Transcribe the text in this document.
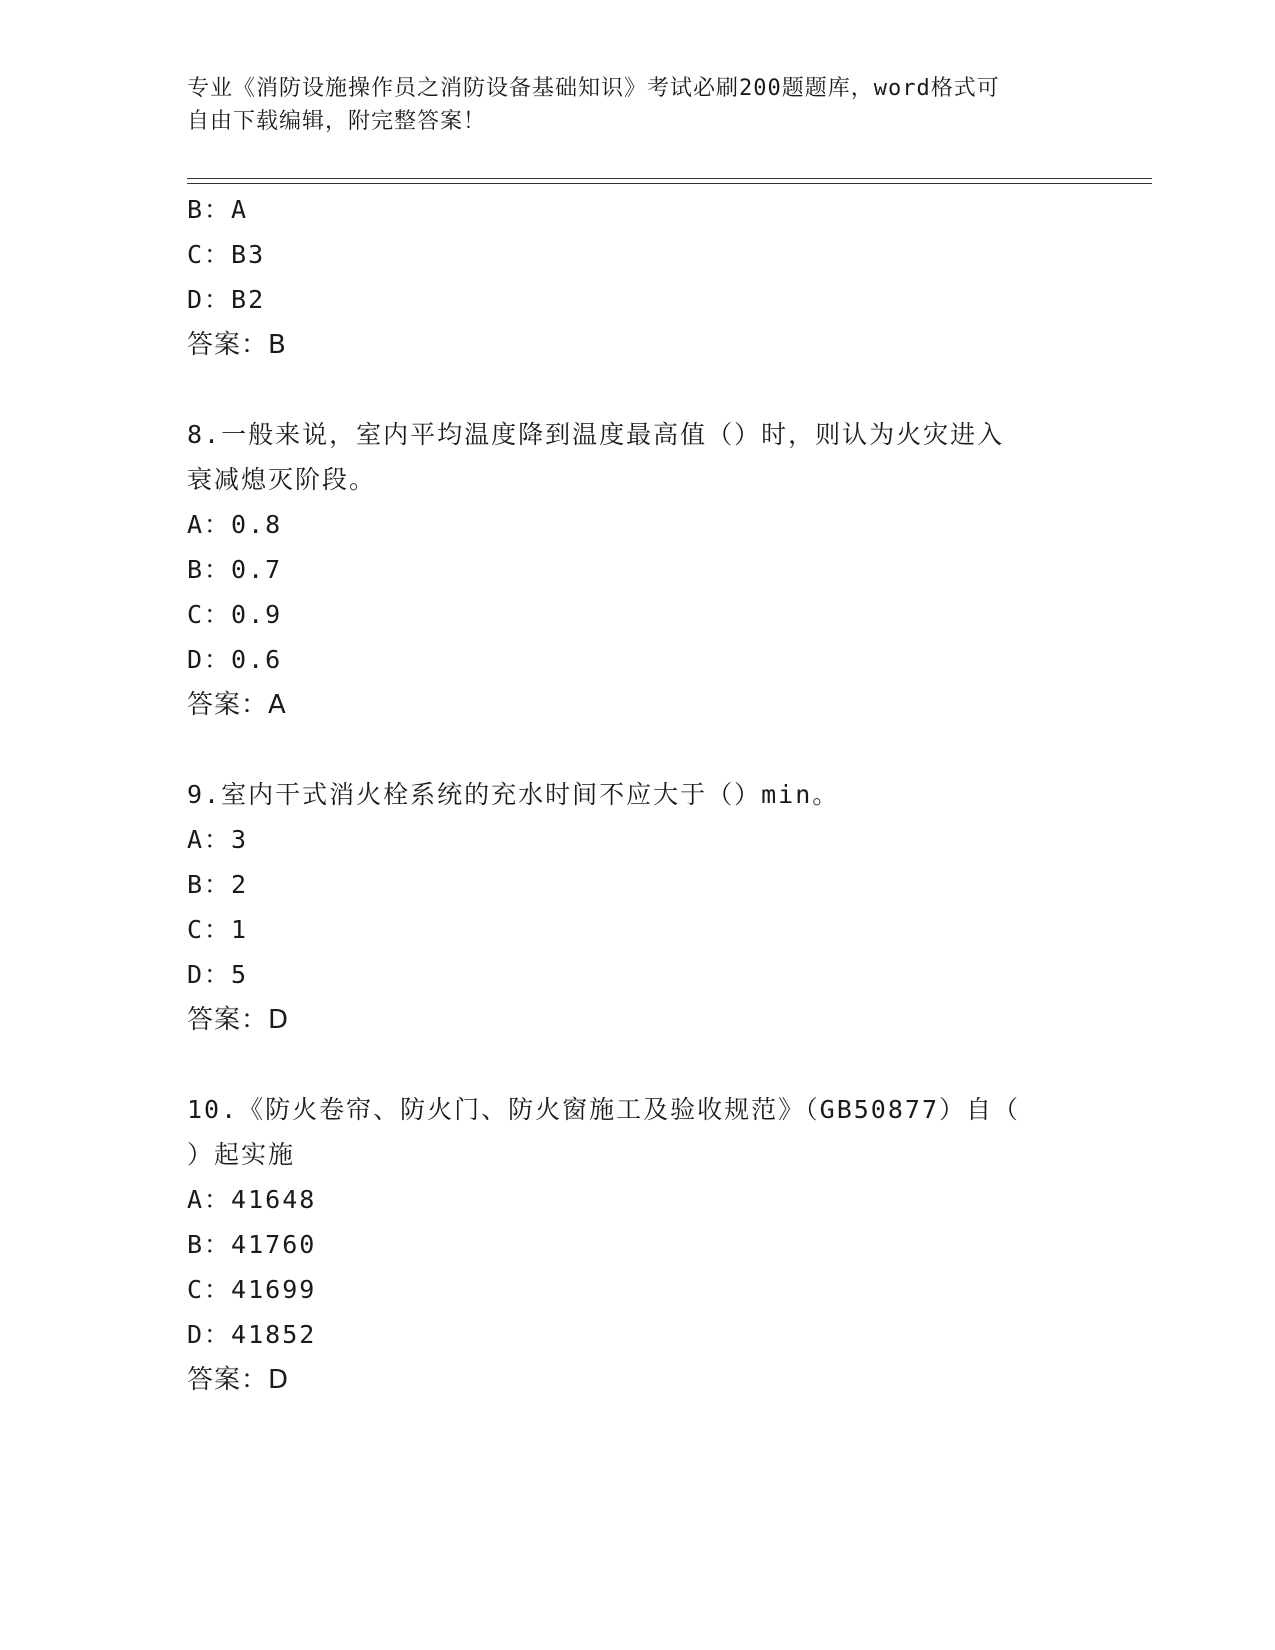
专业《消防设施操作员之消防设备基础知识》考试必刷200题题库，word格式可
自由下载编辑，附完整答案！
B：A
C：B3
D：B2
答案：B
8.一般来说，室内平均温度降到温度最高值（）时，则认为火灾进入
衰减熄灭阶段。
A：0.8
B：0.7
C：0.9
D：0.6
答案：A
9.室内干式消火栓系统的充水时间不应大于（）min。
A：3
B：2
C：1
D：5
答案：D
10.《防火卷帘、防火门、防火窗施工及验收规范》（GB50877）自（
）起实施
A：41648
B：41760
C：41699
D：41852
答案：D
